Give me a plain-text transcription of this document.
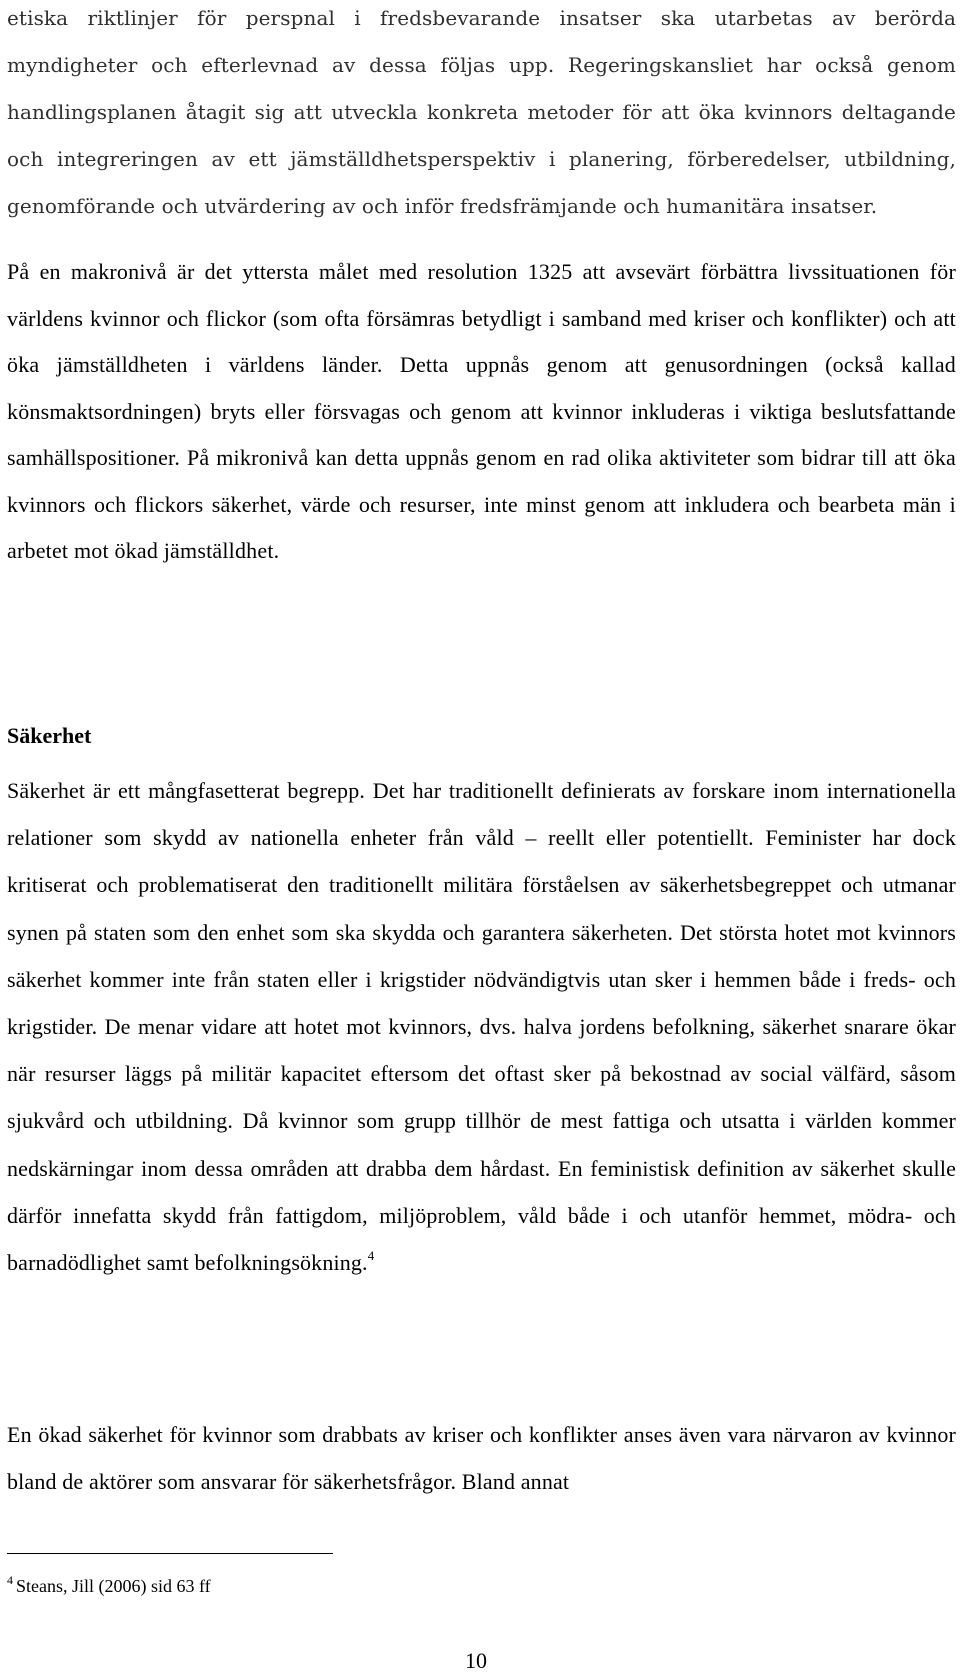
etiska riktlinjer för perspnal i fredsbevarande insatser ska utarbetas av berörda myndigheter och efterlevnad av dessa följas upp. Regeringskansliet har också genom handlingsplanen åtagit sig att utveckla konkreta metoder för att öka kvinnors deltagande och integreringen av ett jämställdhetsperspektiv i planering, förberedelser, utbildning, genomförande och utvärdering av och inför fredsfrämjande och humanitära insatser.

På en makronivå är det yttersta målet med resolution 1325 att avsevärt förbättra livssituationen för världens kvinnor och flickor (som ofta försämras betydligt i samband med kriser och konflikter) och att öka jämställdheten i världens länder. Detta uppnås genom att genusordningen (också kallad könsmaktsordningen) bryts eller försvagas och genom att kvinnor inkluderas i viktiga beslutsfattande samhällspositioner. På mikronivå kan detta uppnås genom en rad olika aktiviteter som bidrar till att öka kvinnors och flickors säkerhet, värde och resurser, inte minst genom att inkludera och bearbeta män i arbetet mot ökad jämställdhet.

Säkerhet

Säkerhet är ett mångfasetterat begrepp. Det har traditionellt definierats av forskare inom internationella relationer som skydd av nationella enheter från våld – reellt eller potentiellt. Feminister har dock kritiserat och problematiserat den traditionellt militära förståelsen av säkerhetsbegreppet och utmanar synen på staten som den enhet som ska skydda och garantera säkerheten. Det största hotet mot kvinnors säkerhet kommer inte från staten eller i krigstider nödvändigtvis utan sker i hemmen både i freds- och krigstider. De menar vidare att hotet mot kvinnors, dvs. halva jordens befolkning, säkerhet snarare ökar när resurser läggs på militär kapacitet eftersom det oftast sker på bekostnad av social välfärd, såsom sjukvård och utbildning. Då kvinnor som grupp tillhör de mest fattiga och utsatta i världen kommer nedskärningar inom dessa områden att drabba dem hårdast. En feministisk definition av säkerhet skulle därför innefatta skydd från fattigdom, miljöproblem, våld både i och utanför hemmet, mödra- och barnadödlighet samt befolkningsökning.$^4$

En ökad säkerhet för kvinnor som drabbats av kriser och konflikter anses även vara närvaron av kvinnor bland de aktörer som ansvarar för säkerhetsfrågor. Bland annat

$^4$ Steans, Jill (2006) sid 63 ff

10
